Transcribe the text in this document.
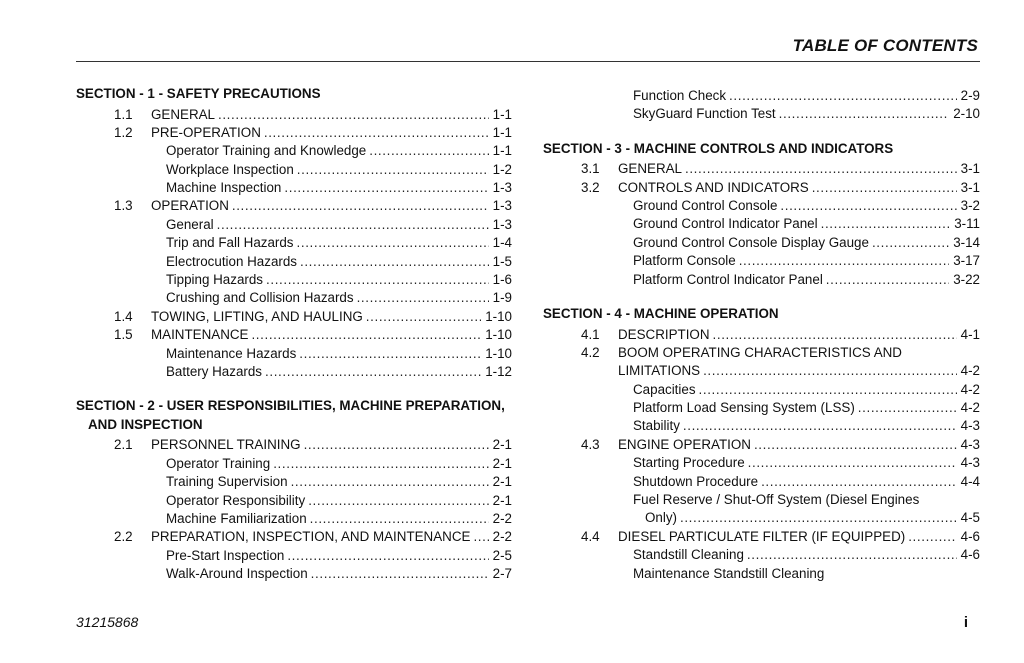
TABLE OF CONTENTS
SECTION - 1 - SAFETY PRECAUTIONS
1.1 GENERAL . . .	1-1
1.2 PRE-OPERATION . . .	1-1
Operator Training and Knowledge . . .	1-1
Workplace Inspection . . .	1-2
Machine Inspection . . .	1-3
1.3 OPERATION . . .	1-3
General . . .	1-3
Trip and Fall Hazards . . .	1-4
Electrocution Hazards . . .	1-5
Tipping Hazards . . .	1-6
Crushing and Collision Hazards . . .	1-9
1.4 TOWING, LIFTING, AND HAULING . . .	1-10
1.5 MAINTENANCE . . .	1-10
Maintenance Hazards . . .	1-10
Battery Hazards . . .	1-12
SECTION - 2 - USER RESPONSIBILITIES, MACHINE PREPARATION,
AND INSPECTION
2.1 PERSONNEL TRAINING . . .	2-1
Operator Training . . .	2-1
Training Supervision . . .	2-1
Operator Responsibility . . .	2-1
Machine Familiarization . . .	2-2
2.2 PREPARATION, INSPECTION, AND MAINTENANCE . . . 2-2
Pre-Start Inspection . . .	2-5
Walk-Around Inspection . . .	2-7
Function Check . . .	2-9
SkyGuard Function Test . . .	2-10
SECTION - 3 - MACHINE CONTROLS AND INDICATORS
3.1 GENERAL . . .	3-1
3.2 CONTROLS AND INDICATORS . . .	3-1
Ground Control Console . . .	3-2
Ground Control Indicator Panel . . .	3-11
Ground Control Console Display Gauge . . .	3-14
Platform Console . . .	3-17
Platform Control Indicator Panel . . .	3-22
SECTION - 4 - MACHINE OPERATION
4.1 DESCRIPTION . . .	4-1
4.2 BOOM OPERATING CHARACTERISTICS AND
LIMITATIONS . . .	4-2
Capacities . . .	4-2
Platform Load Sensing System (LSS) . . .	4-2
Stability . . .	4-3
4.3 ENGINE OPERATION . . .	4-3
Starting Procedure . . .	4-3
Shutdown Procedure . . .	4-4
Fuel Reserve / Shut-Off System (Diesel Engines
Only) . . .	4-5
4.4 DIESEL PARTICULATE FILTER (IF EQUIPPED) . . .	4-6
Standstill Cleaning . . .	4-6
Maintenance Standstill Cleaning
31215868	i
